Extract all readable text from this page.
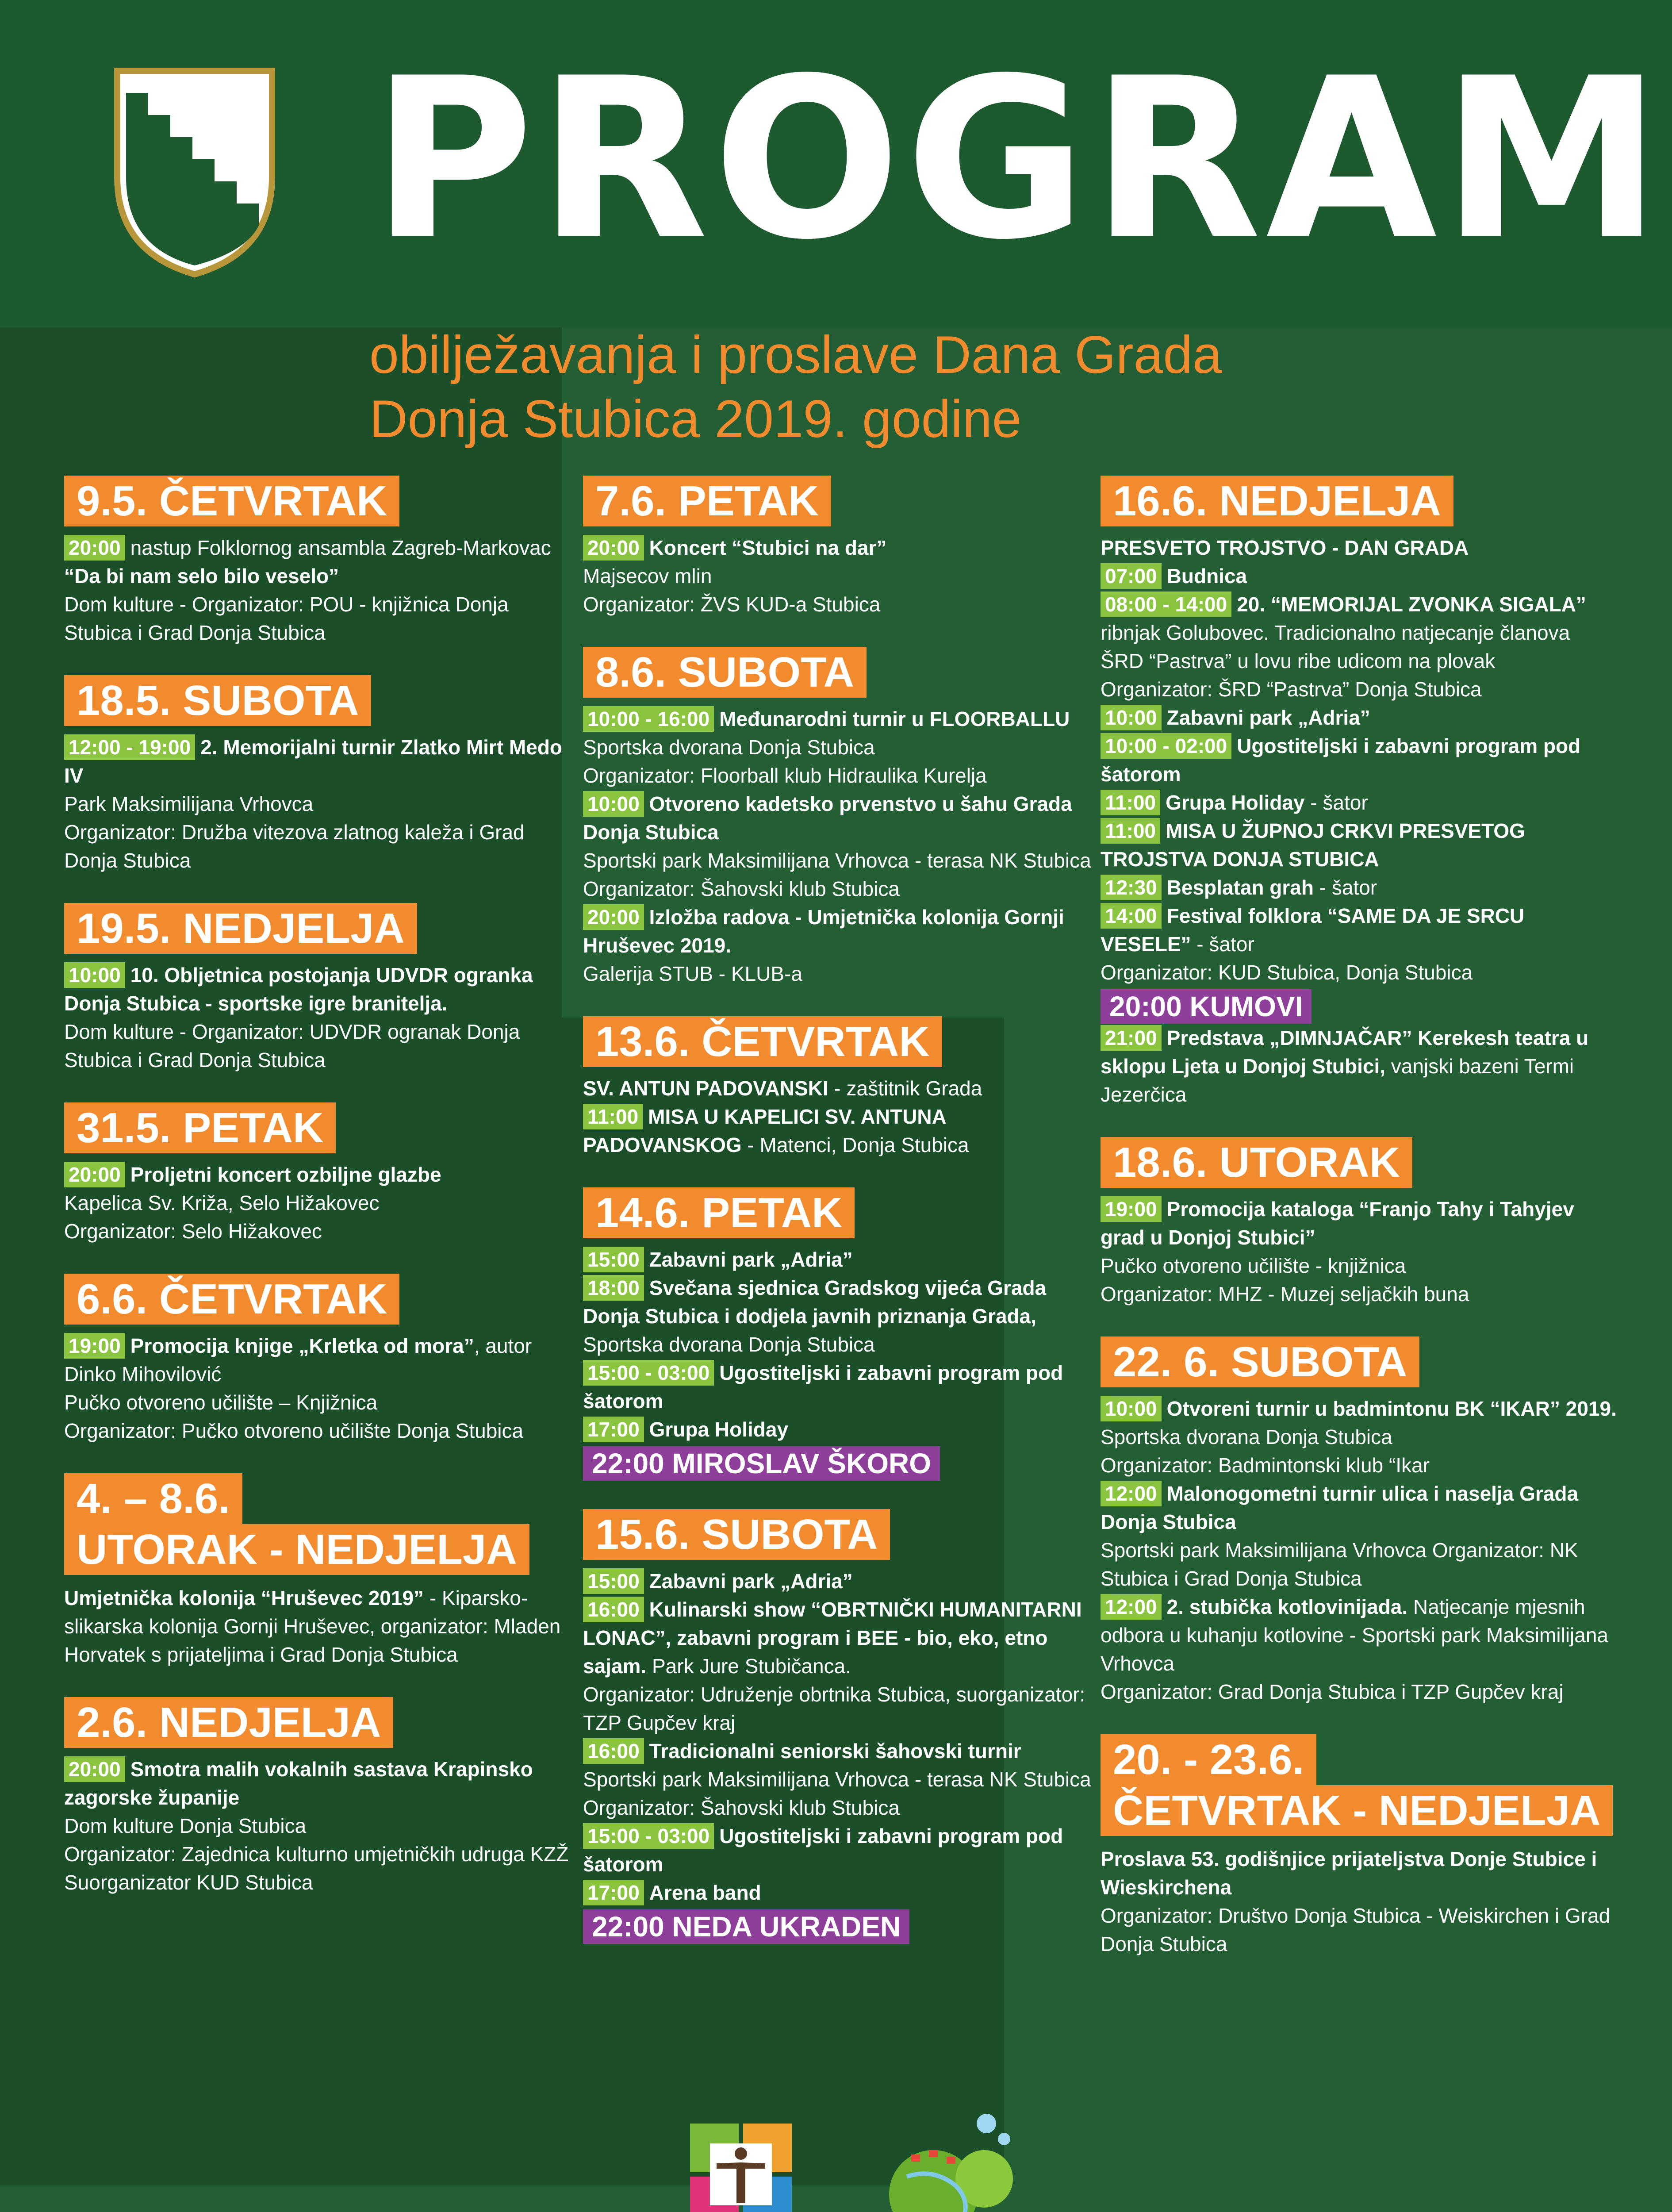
PROGRAM
obilježavanja i proslave Dana Grada
Donja Stubica 2019. godine
9.5. ČETVRTAK
20:00 nastup Folklornog ansambla Zagreb-Markovac
“Da bi nam selo bilo veselo”
Dom kulture - Organizator: POU - knjižnica Donja Stubica i Grad Donja Stubica
18.5. SUBOTA
12:00 - 19:00 2. Memorijalni turnir Zlatko Mirt Medo IV
Park Maksimilijana Vrhovca
Organizator: Družba vitezova zlatnog kaleža i Grad Donja Stubica
19.5. NEDJELJA
10:00 10. Obljetnica postojanja UDVDR ogranka Donja Stubica - sportske igre branitelja.
Dom kulture - Organizator: UDVDR ogranak Donja Stubica i Grad Donja Stubica
31.5. PETAK
20:00 Proljetni koncert ozbiljne glazbe
Kapelica Sv. Križa, Selo Hižakovec
Organizator: Selo Hižakovec
6.6. ČETVRTAK
19:00 Promocija knjige „Krletka od mora”, autor Dinko Mihovilović
Pučko otvoreno učilište – Knjižnica
Organizator: Pučko otvoreno učilište Donja Stubica
4. – 8.6.
UTORAK - NEDJELJA
Umjetnička kolonija “Hruševec 2019” - Kiparsko-slikarska kolonija Gornji Hruševec, organizator: Mladen Horvatek s prijateljima i Grad Donja Stubica
2.6. NEDJELJA
20:00 Smotra malih vokalnih sastava Krapinsko zagorske županije
Dom kulture Donja Stubica
Organizator: Zajednica kulturno umjetničkih udruga KZŽ
Suorganizator KUD Stubica
7.6. PETAK
20:00 Koncert “Stubici na dar”
Majsecov mlin
Organizator: ŽVS KUD-a Stubica
8.6. SUBOTA
10:00 - 16:00 Međunarodni turnir u FLOORBALLU
Sportska dvorana Donja Stubica
Organizator: Floorball klub Hidraulika Kurelja
10:00 Otvoreno kadetsko prvenstvo u šahu Grada Donja Stubica
Sportski park Maksimilijana Vrhovca - terasa NK Stubica
Organizator: Šahovski klub Stubica
20:00 Izložba radova - Umjetnička kolonija Gornji Hruševec 2019.
Galerija STUB - KLUB-a
13.6. ČETVRTAK
SV. ANTUN PADOVANSKI - zaštitnik Grada
11:00 MISA U KAPELICI SV. ANTUNA PADOVANSKOG - Matenci, Donja Stubica
14.6. PETAK
15:00 Zabavni park „Adria”
18:00 Svečana sjednica Gradskog vijeća Grada Donja Stubica i dodjela javnih priznanja Grada,
Sportska dvorana Donja Stubica
15:00 - 03:00 Ugostiteljski i zabavni program pod šatorom
17:00 Grupa Holiday
22:00 MIROSLAV ŠKORO
15.6. SUBOTA
15:00 Zabavni park „Adria”
16:00 Kulinarski show “OBRTNIČKI HUMANITARNI LONAC”, zabavni program i BEE - bio, eko, etno sajam. Park Jure Stubičanca.
Organizator: Udruženje obrtnika Stubica, suorganizator: TZP Gupčev kraj
16:00 Tradicionalni seniorski šahovski turnir
Sportski park Maksimilijana Vrhovca - terasa NK Stubica
Organizator: Šahovski klub Stubica
15:00 - 03:00 Ugostiteljski i zabavni program pod šatorom
17:00 Arena band
22:00 NEDA UKRADEN
16.6. NEDJELJA
PRESVETO TROJSTVO - DAN GRADA
07:00 Budnica
08:00 - 14:00 20. “MEMORIJAL ZVONKA SIGALA”
ribnjak Golubovec. Tradicionalno natjecanje članova ŠRD “Pastrva” u lovu ribe udicom na plovak
Organizator: ŠRD “Pastrva” Donja Stubica
10:00 Zabavni park „Adria”
10:00 - 02:00 Ugostiteljski i zabavni program pod šatorom
11:00 Grupa Holiday - šator
11:00 MISA U ŽUPNOJ CRKVI PRESVETOG TROJSTVA DONJA STUBICA
12:30 Besplatan grah - šator
14:00 Festival folklora “SAME DA JE SRCU VESELE” - šator
Organizator: KUD Stubica, Donja Stubica
20:00 KUMOVI
21:00 Predstava „DIMNJAČAR” Kerekesh teatra u sklopu Ljeta u Donjoj Stubici, vanjski bazeni Termi Jezerčica
18.6. UTORAK
19:00 Promocija kataloga “Franjo Tahy i Tahyjev grad u Donjoj Stubici”
Pučko otvoreno učilište - knjižnica
Organizator: MHZ - Muzej seljačkih buna
22. 6. SUBOTA
10:00 Otvoreni turnir u badmintonu BK “IKAR” 2019.
Sportska dvorana Donja Stubica
Organizator: Badmintonski klub “Ikar
12:00 Malonogometni turnir ulica i naselja Grada Donja Stubica
Sportski park Maksimilijana Vrhovca Organizator: NK Stubica i Grad Donja Stubica
12:00 2. stubička kotlovinijada. Natjecanje mjesnih odbora u kuhanju kotlovine - Sportski park Maksimilijana Vrhovca
Organizator: Grad Donja Stubica i TZP Gupčev kraj
20. - 23.6.
ČETVRTAK - NEDJELJA
Proslava 53. godišnjice prijateljstva Donje Stubice i Wieskirchena
Organizator: Društvo Donja Stubica - Weiskirchen i Grad Donja Stubica
